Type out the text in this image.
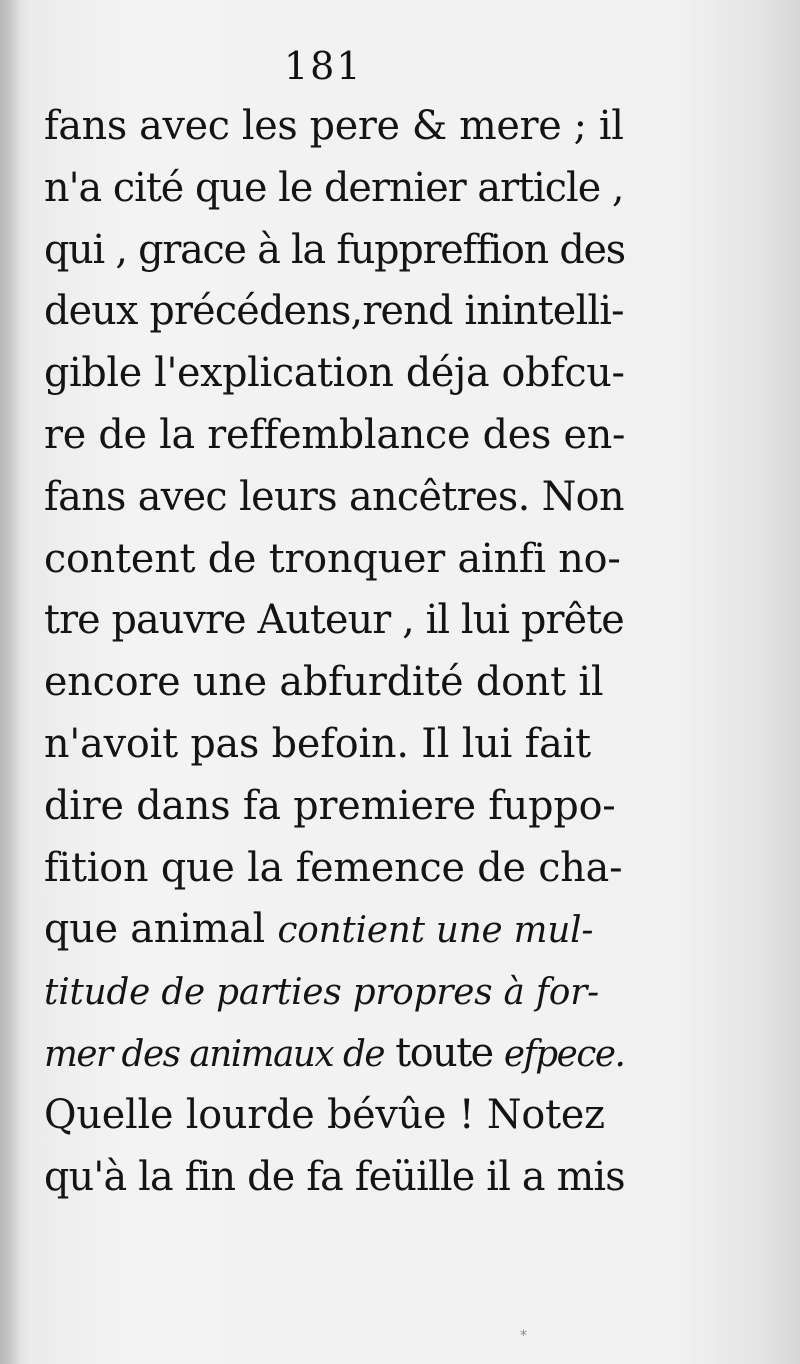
181
fans avec les pere & mere ; il
n'a cité que le dernier article ,
qui , grace à la fuppreffion des
deux précédens,rend inintelli-
gible l'explication déja obfcu-
re de la reffemblance des en-
fans avec leurs ancêtres. Non
content de tronquer ainfi no-
tre pauvre Auteur , il lui prête
encore une abfurdité dont il
n'avoit pas befoin. Il lui fait
dire dans fa premiere fuppo-
fition que la femence de cha-
que animal contient une mul-
titude de parties propres à for-
mer des animaux de toute efpece.
Quelle lourde bévûe ! Notez
qu'à la fin de fa feüille il a mis
*
